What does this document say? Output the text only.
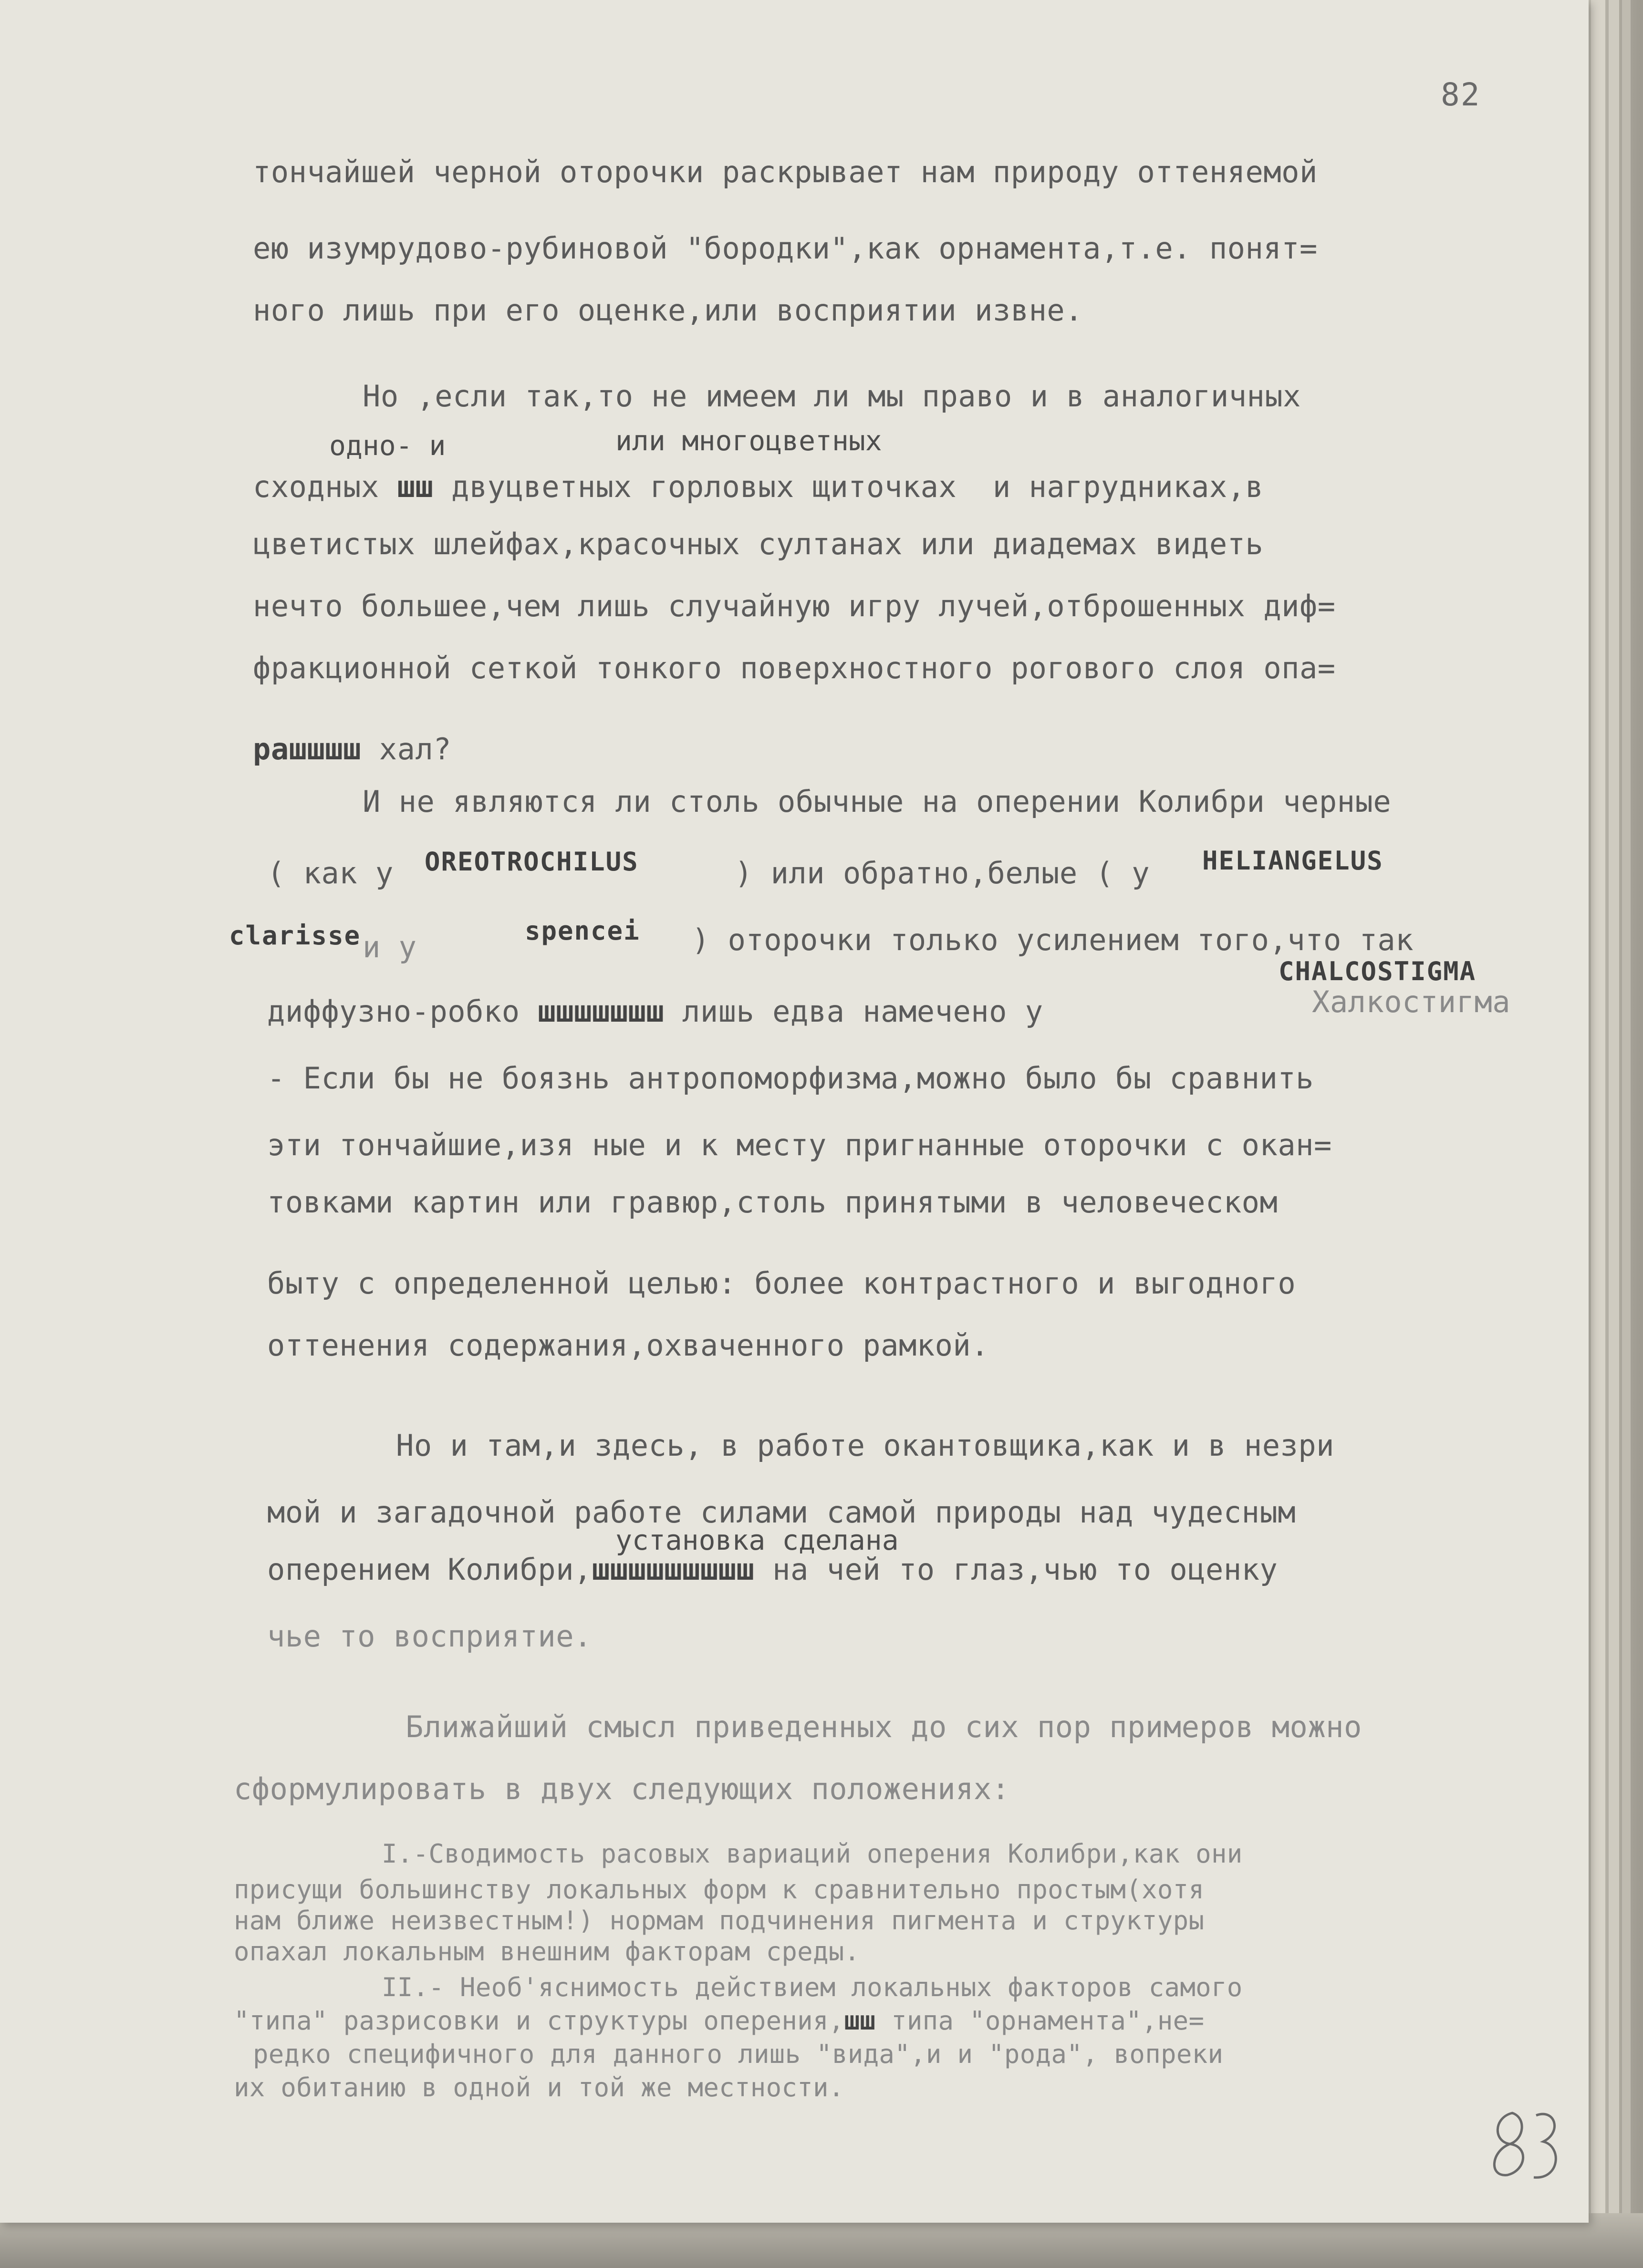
82
тончайшей черной оторочки раскрывает нам природу оттеняемой
ею изумрудово-рубиновой "бородки",как орнамента,т.е. понят=
ного лишь при его оценке,или восприятии извне.
Но ,если так,то не имеем ли мы право и в аналогичных
одно- и	или многоцветных
сходных шш двуцветных горловых щиточках  и нагрудниках,в
цветистых шлейфах,красочных султанах или диадемах видеть
нечто большее,чем лишь случайную игру лучей,отброшенных диф=
фракционной сеткой тонкого поверхностного рогового слоя опа=
рашшшш хал?
И не являются ли столь обычные на оперении Колибри черные
( как у OREOTROCHILUS	) или обратно,белые ( у HELIANGELUS
clarisse и у	spencei ) оторочки только усилением того,что так
CHALCOSTIGMA
диффузно-робко шшшшшшш лишь едва намечено у	Халкостигма
- Если бы не боязнь антропоморфизма,можно было бы сравнить
эти тончайшие,изя ные и к месту пригнанные оторочки с окан=
товками картин или гравюр,столь принятыми в человеческом
быту с определенной целью: более контрастного и выгодного
оттенения содержания,охваченного рамкой.
Но и там,и здесь, в работе окантовщика,как и в незри
мой и загадочной работе силами самой природы над чудесным
установка сделана
оперением Колибри,шшшшшшшшш на чей то глаз,чью то оценку
чье то восприятие.
Ближайший смысл приведенных до сих пор примеров можно
сформулировать в двух следующих положениях:
I.-Сводимость расовых вариаций оперения Колибри,как они
присущи большинству локальных форм к сравнительно простым(хотя
нам ближе неизвестным!) нормам подчинения пигмента и структуры
опахал локальным внешним факторам среды.
II.- Необ'яснимость действием локальных факторов самого
"типа" разрисовки и структуры оперения,шш типа "орнамента",не=
редко специфичного для данного лишь "вида",и и "рода", вопреки
их обитанию в одной и той же местности.
